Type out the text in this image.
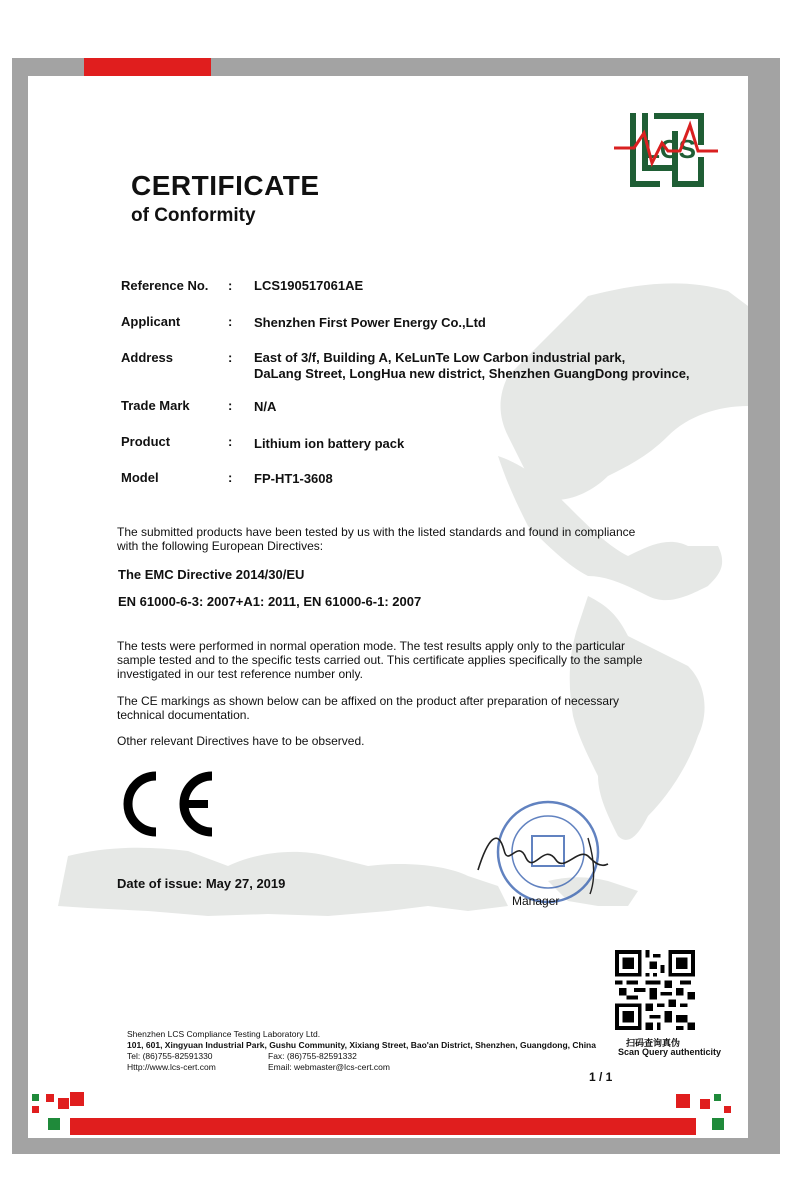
CERTIFICATE
of Conformity
LCS
Reference No. : LCS190517061AE
Applicant	: Shenzhen First Power Energy Co.,Ltd
Address	: East of 3/f, Building A, KeLunTe Low Carbon industrial park,
DaLang Street, LongHua new district, Shenzhen GuangDong province,
Trade Mark	: N/A
Product	: Lithium ion battery pack
Model	: FP-HT1-3608
The submitted products have been tested by us with the listed standards and found in compliance
with the following European Directives:
The EMC Directive 2014/30/EU
EN 61000-6-3: 2007+A1: 2011, EN 61000-6-1: 2007
The tests were performed in normal operation mode. The test results apply only to the particular
sample tested and to the specific tests carried out. This certificate applies specifically to the sample
investigated in our test reference number only.
The CE markings as shown below can be affixed on the product after preparation of necessary
technical documentation.
Other relevant Directives have to be observed.
Manager
Date of issue: May 27, 2019
扫码查询真伪
Scan Query authenticity
Shenzhen LCS Compliance Testing Laboratory Ltd.
101, 601, Xingyuan Industrial Park, Gushu Community, Xixiang Street, Bao'an District, Shenzhen, Guangdong, China
Tel: (86)755-82591330	Fax: (86)755-82591332
Http://www.lcs-cert.com	Email: webmaster@lcs-cert.com
1 / 1
